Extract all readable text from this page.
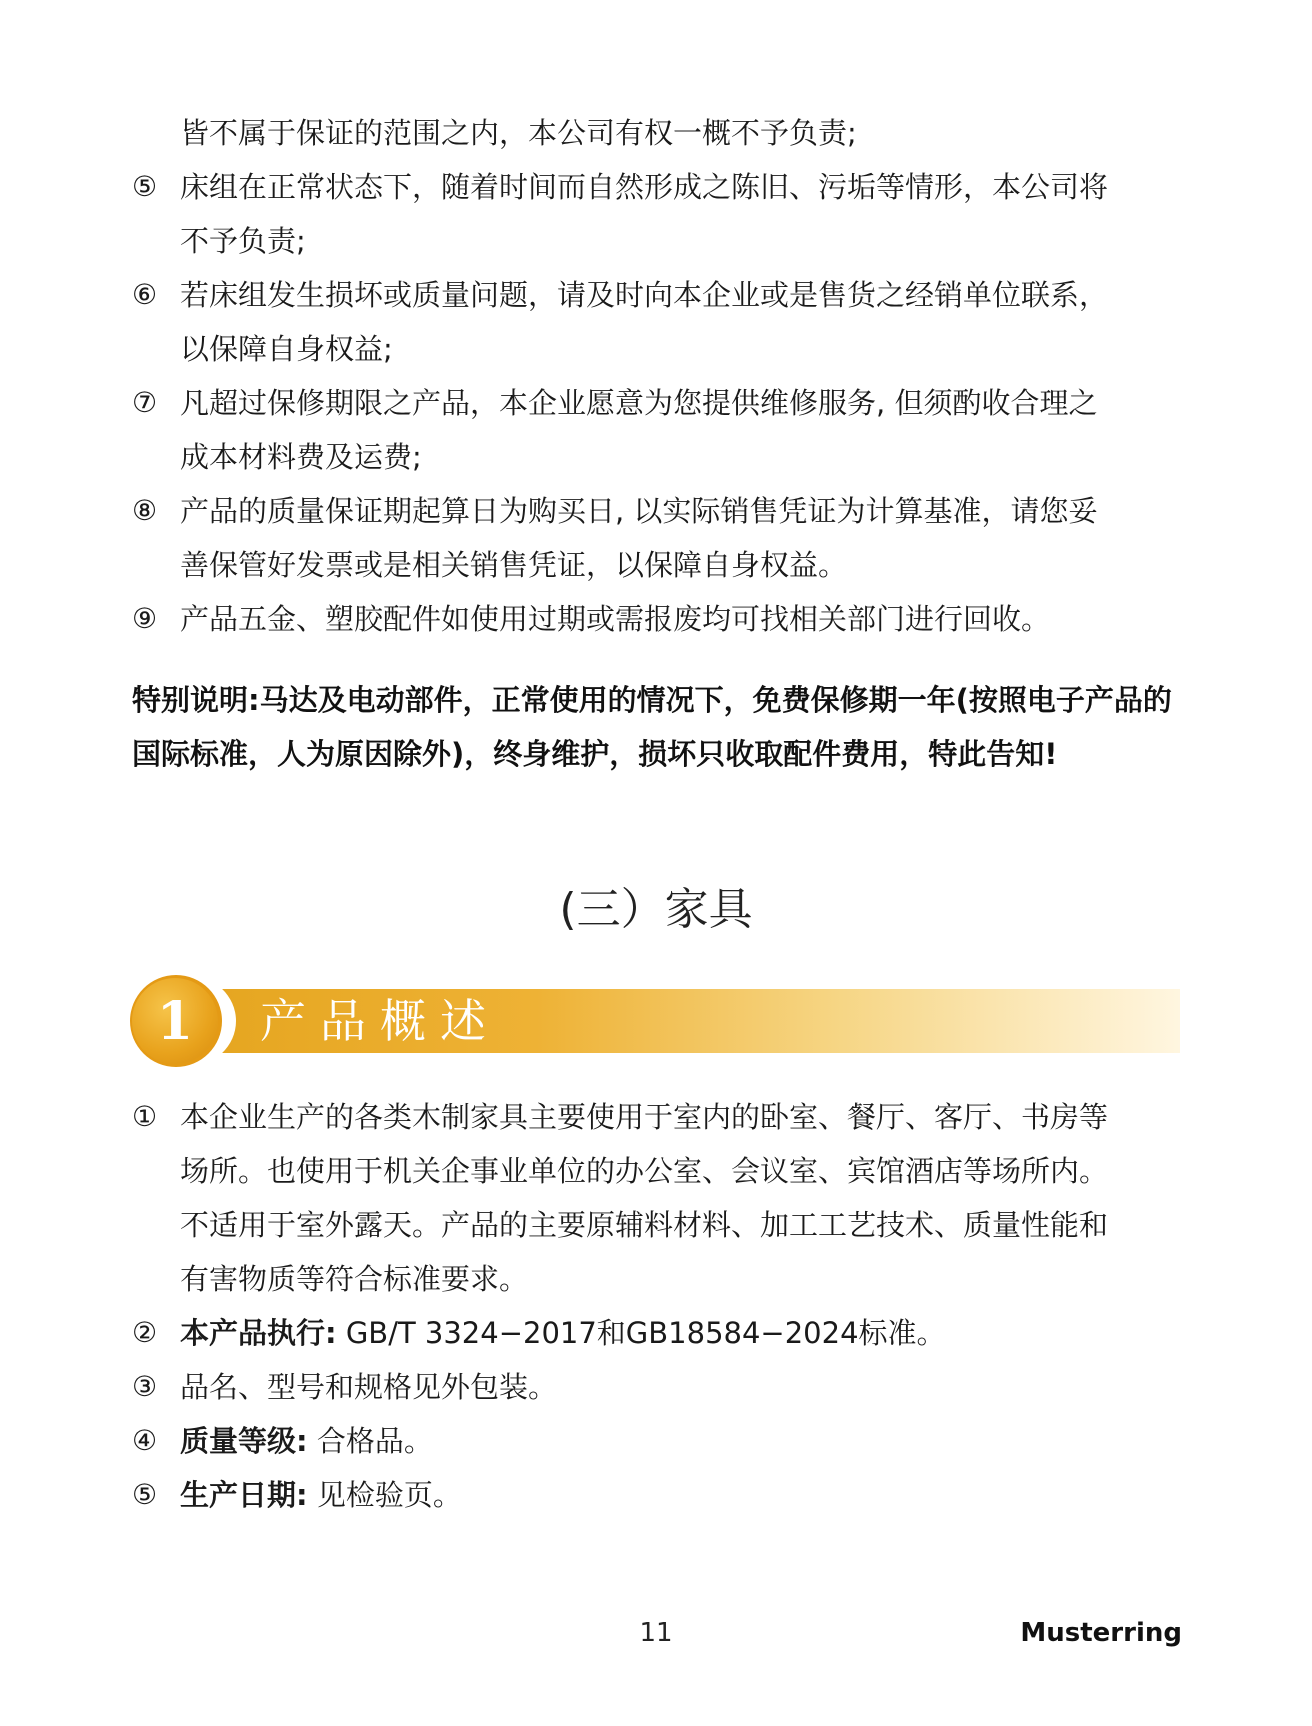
皆不属于保证的范围之内，本公司有权一概不予负责;

⑤ 床组在正常状态下，随着时间而自然形成之陈旧、污垢等情形，本公司将
不予负责;
⑥ 若床组发生损坏或质量问题，请及时向本企业或是售货之经销单位联系，
以保障自身权益;
⑦ 凡超过保修期限之产品，本企业愿意为您提供维修服务, 但须酌收合理之
成本材料费及运费;
⑧ 产品的质量保证期起算日为购买日, 以实际销售凭证为计算基准，请您妥
善保管好发票或是相关销售凭证，以保障自身权益。
⑨ 产品五金、塑胶配件如使用过期或需报废均可找相关部门进行回收。

特别说明:马达及电动部件，正常使用的情况下，免费保修期一年(按照电子产品的国际标准，人为原因除外)，终身维护，损坏只收取配件费用，特此告知!

(三）家具
1	产品概述
① 本企业生产的各类木制家具主要使用于室内的卧室、餐厅、客厅、书房等
场所。也使用于机关企事业单位的办公室、会议室、宾馆酒店等场所内。
不适用于室外露天。产品的主要原辅料材料、加工工艺技术、质量性能和
有害物质等符合标准要求。
② 本产品执行: GB/T 3324−2017和GB18584−2024标准。
③ 品名、型号和规格见外包装。
④ 质量等级: 合格品。
⑤ 生产日期: 见检验页。
11	Musterring
